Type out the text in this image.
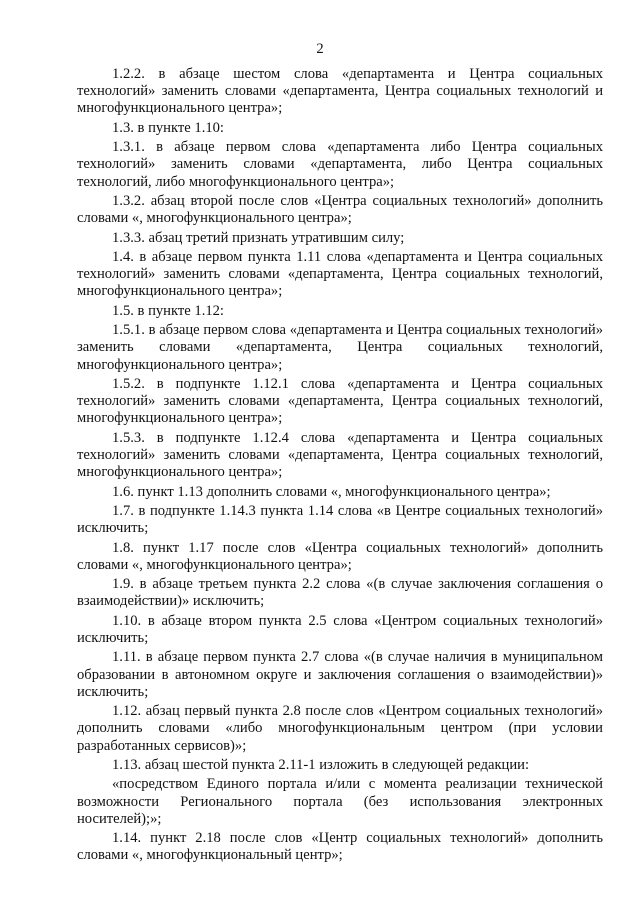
2

1.2.2. в абзаце шестом слова «департамента и Центра социальных технологий» заменить словами «департамента, Центра социальных технологий и многофункционального центра»;

1.3. в пункте 1.10:

1.3.1. в абзаце первом слова «департамента либо Центра социальных технологий» заменить словами «департамента, либо Центра социальных технологий, либо многофункционального центра»;

1.3.2. абзац второй после слов «Центра социальных технологий» дополнить словами «, многофункционального центра»;

1.3.3. абзац третий признать утратившим силу;

1.4. в абзаце первом пункта 1.11 слова «департамента и Центра социальных технологий» заменить словами «департамента, Центра социальных технологий, многофункционального центра»;

1.5. в пункте 1.12:

1.5.1. в абзаце первом слова «департамента и Центра социальных технологий» заменить словами «департамента, Центра социальных технологий, многофункционального центра»;

1.5.2. в подпункте 1.12.1 слова «департамента и Центра социальных технологий» заменить словами «департамента, Центра социальных технологий, многофункционального центра»;

1.5.3. в подпункте 1.12.4 слова «департамента и Центра социальных технологий» заменить словами «департамента, Центра социальных технологий, многофункционального центра»;

1.6. пункт 1.13 дополнить словами «, многофункционального центра»;

1.7. в подпункте 1.14.3 пункта 1.14 слова «в Центре социальных технологий» исключить;

1.8. пункт 1.17 после слов «Центра социальных технологий» дополнить словами «, многофункционального центра»;

1.9. в абзаце третьем пункта 2.2 слова «(в случае заключения соглашения о взаимодействии)» исключить;

1.10. в абзаце втором пункта 2.5 слова «Центром социальных технологий» исключить;

1.11. в абзаце первом пункта 2.7 слова «(в случае наличия в муниципальном образовании в автономном округе и заключения соглашения о взаимодействии)» исключить;

1.12. абзац первый пункта 2.8 после слов «Центром социальных технологий» дополнить словами «либо многофункциональным центром (при условии разработанных сервисов)»;

1.13. абзац шестой пункта 2.11-1 изложить в следующей редакции:

«посредством Единого портала и/или с момента реализации технической возможности Регионального портала (без использования электронных носителей);»;

1.14. пункт 2.18 после слов «Центр социальных технологий» дополнить словами «, многофункциональный центр»;
